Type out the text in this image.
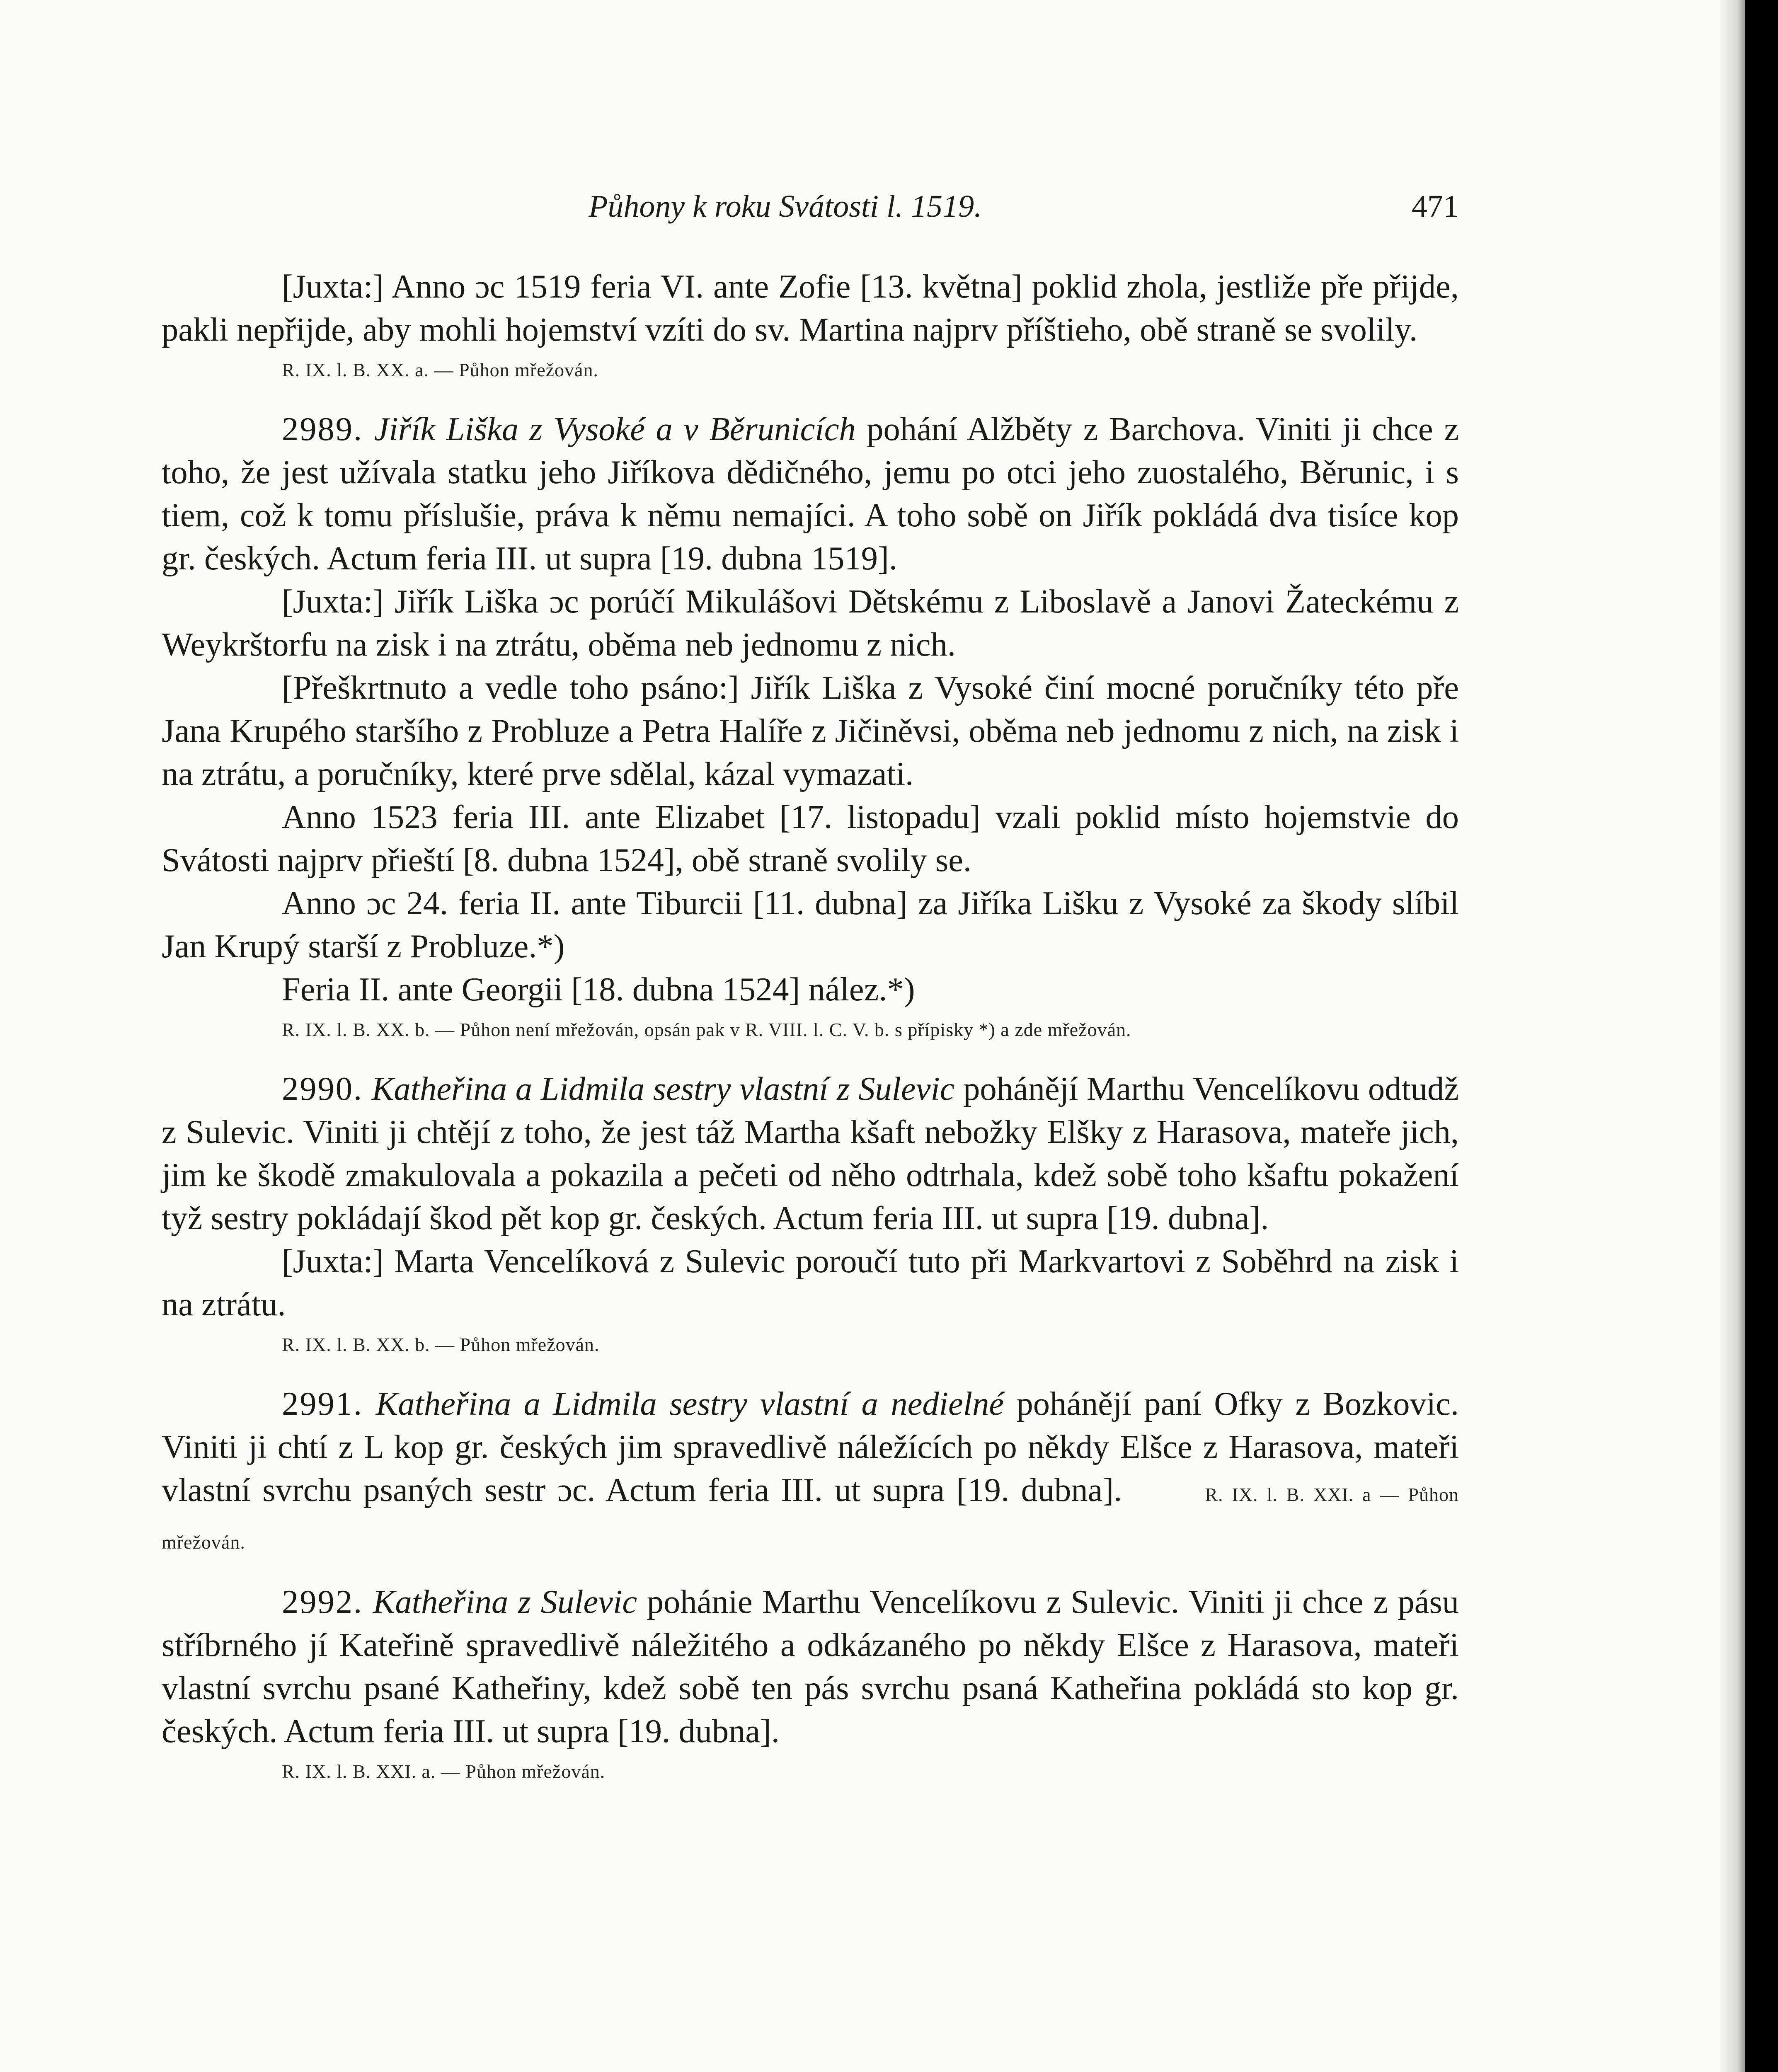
Půhony k roku Svátosti l. 1519.	471

[Juxta:] Anno ɔc 1519 feria VI. ante Zofie [13. května] poklid zhola, jestliže pře přijde, pakli nepřijde, aby mohli hojemství vzíti do sv. Martina najprv příštieho, obě straně se svolily.

R. IX. l. B. XX. a. — Půhon mřežován.

2989. Jiřík Liška z Vysoké a v Běrunicích pohání Alžběty z Barchova. Viniti ji chce z toho, že jest užívala statku jeho Jiříkova dědičného, jemu po otci jeho zuostalého, Běrunic, i s tiem, což k tomu příslušie, práva k němu nemajíci. A toho sobě on Jiřík pokládá dva tisíce kop gr. českých. Actum feria III. ut supra [19. dubna 1519].

[Juxta:] Jiřík Liška ɔc porúčí Mikulášovi Dětskému z Liboslavě a Janovi Žateckému z Weykrštorfu na zisk i na ztrátu, oběma neb jednomu z nich.

[Přeškrtnuto a vedle toho psáno:] Jiřík Liška z Vysoké činí mocné poručníky této pře Jana Krupého staršího z Probluze a Petra Halíře z Jičiněvsi, oběma neb jednomu z nich, na zisk i na ztrátu, a poručníky, které prve sdělal, kázal vymazati.

Anno 1523 feria III. ante Elizabet [17. listopadu] vzali poklid místo hojemstvie do Svátosti najprv přieští [8. dubna 1524], obě straně svolily se.

Anno ɔc 24. feria II. ante Tiburcii [11. dubna] za Jiříka Lišku z Vysoké za škody slíbil Jan Krupý starší z Probluze.*)

Feria II. ante Georgii [18. dubna 1524] nález.*)

R. IX. l. B. XX. b. — Půhon není mřežován, opsán pak v R. VIII. l. C. V. b. s přípisky *) a zde mřežován.

2990. Katheřina a Lidmila sestry vlastní z Sulevic pohánějí Marthu Vencelíkovu odtudž z Sulevic. Viniti ji chtějí z toho, že jest táž Martha kšaft nebožky Elšky z Harasova, mateře jich, jim ke škodě zmakulovala a pokazila a pečeti od něho odtrhala, kdež sobě toho kšaftu pokažení tyž sestry pokládají škod pět kop gr. českých. Actum feria III. ut supra [19. dubna].

[Juxta:] Marta Vencelíková z Sulevic poroučí tuto při Markvartovi z Soběhrd na zisk i na ztrátu.

R. IX. l. B. XX. b. — Půhon mřežován.

2991. Katheřina a Lidmila sestry vlastní a nedielné pohánějí paní Ofky z Bozkovic. Viniti ji chtí z L kop gr. českých jim spravedlivě náležících po někdy Elšce z Harasova, mateři vlastní svrchu psaných sestr ɔc. Actum feria III. ut supra [19. dubna].	R. IX. l. B. XXI. a — Půhon mřežován.

2992. Katheřina z Sulevic pohánie Marthu Vencelíkovu z Sulevic. Viniti ji chce z pásu stříbrného jí Kateřině spravedlivě náležitého a odkázaného po někdy Elšce z Harasova, mateři vlastní svrchu psané Katheřiny, kdež sobě ten pás svrchu psaná Katheřina pokládá sto kop gr. českých. Actum feria III. ut supra [19. dubna].

R. IX. l. B. XXI. a. — Půhon mřežován.
